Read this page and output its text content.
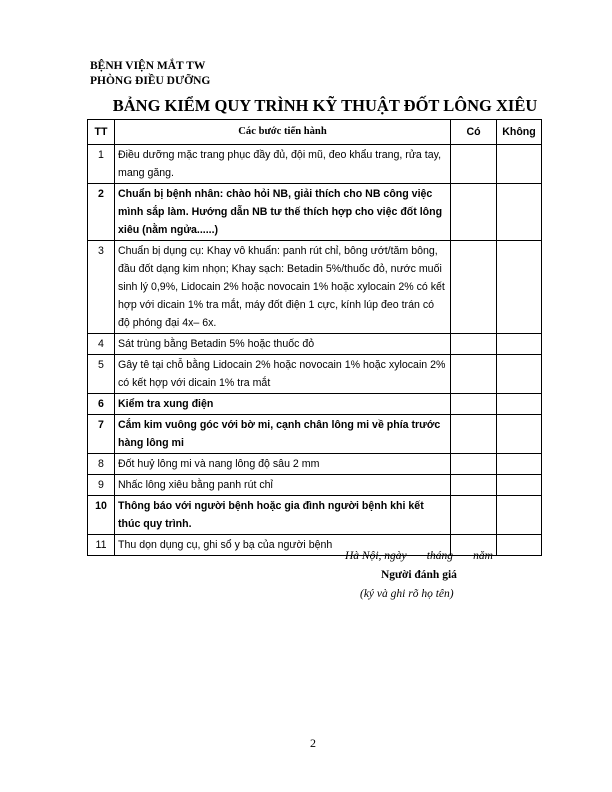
BỆNH VIỆN MẮT TW
PHÒNG ĐIỀU DƯỠNG
BẢNG KIỂM QUY TRÌNH KỸ THUẬT ĐỐT LÔNG XIÊU
TT	Các bước tiến hành	Có	Không
1	Điều dưỡng mặc trang phục đầy đủ, đội mũ, đeo khẩu trang, rửa tay, mang găng.		
2	Chuẩn bị bệnh nhân: chào hỏi NB, giải thích cho NB công việc mình sắp làm. Hướng dẫn NB tư thế thích hợp cho việc đốt lông xiêu (nằm ngửa......)		
3	Chuẩn bị dụng cụ: Khay vô khuẩn: panh rút chỉ, bông ướt/tăm bông, đầu đốt dạng kim nhọn; Khay sạch: Betadin 5%/thuốc đỏ, nước muối sinh lý 0,9%, Lidocain 2% hoặc novocain 1% hoặc xylocain 2% có kết hợp với dicain 1% tra mắt, máy đốt điện 1 cực, kính lúp đeo trán có độ phóng đại 4x– 6x.		
4	Sát trùng bằng Betadin 5% hoặc thuốc đỏ		
5	Gây tê tại chỗ bằng Lidocain 2% hoặc novocain 1% hoặc xylocain 2% có kết hợp với dicain 1% tra mắt		
6	Kiểm tra xung điện		
7	Cắm kim vuông góc với bờ mi, cạnh chân lông mi về phía trước hàng lông mi		
8	Đốt huỷ lông mi và nang lông độ sâu 2 mm		
9	Nhấc lông xiêu bằng panh rút chỉ		
10	Thông báo với người bệnh hoặc gia đình người bệnh khi kết thúc quy trình.		
11	Thu dọn dụng cụ, ghi sổ y bạ của người bệnh		
Hà Nội, ngày       tháng       năm
Người đánh giá
(ký và ghi rõ họ tên)
2
